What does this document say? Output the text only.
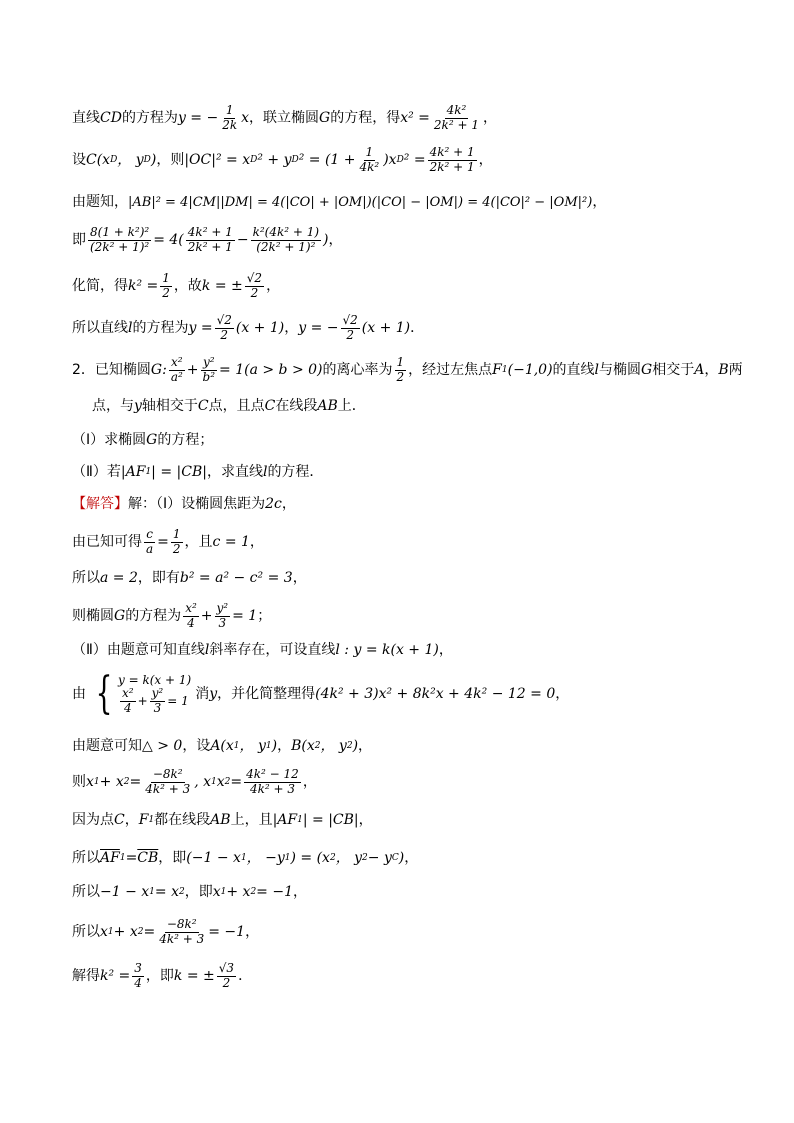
直线 CD 的方程为 y = − $\frac{1}{2k}$ x ，联立椭圆 G 的方程，得 $x^2 = \frac{\text{4k²}}{\text{2k² + 1}}$ ，
设 C(x D ， y D ) ，则 |OC|² = x D ² + y D $^2 = (1 + \frac{1}{\text{4k²}} )x$ D $^2 = \frac{\text{4k² + 1}}{\text{2k² + 1}}$ ，
由题知， |AB|² = 4|CM||DM| = 4(|CO| + |OM|)(|CO| − |OM|) = 4(|CO|² − |OM|²) ，
即 $\frac{\text{8(1 + k²)²}}{\text{(2k² + 1)²}} = 4( \frac{\text{4k² + 1}}{\text{2k² + 1}} - \frac{\text{k²(4k² + 1)}}{\text{(2k² + 1)²}}$ ) ，
化简，得 $k^2 = \frac{1}{2}$ ，故 k = ± $\frac{√2}{2}$ ，
所以直线 l 的方程为 $y = \frac{√2}{2} (x + 1)$ ， y = − $\frac{√2}{2} (x + 1)$ ．
2．已知椭圆 G: $\frac{\text{x²}}{\text{a²}} + \frac{\text{y²}}{\text{b²}} = 1(a > b > 0)$ 的离心率为 $\frac{1}{2}$ ，经过左焦点 F 1 (−1,0) 的直线 l 与椭圆 G 相交于 A ， B 两
点，与 y 轴相交于 C 点，且点 C 在线段 AB 上．
（Ⅰ）求椭圆 G 的方程；
（Ⅱ）若 |AF 1 | = |CB| ，求直线 l 的方程．
【解答】 解：（Ⅰ）设椭圆焦距为 2c ，
由已知可得 $\frac{c}{a} = \frac{1}{2}$ ，且 c = 1 ，
所以 a = 2 ，即有 b² = a² − c² = 3 ，
则椭圆 G 的方程为 $\frac{\text{x²}}{4} + \frac{\text{y²}}{3} = 1$ ；
（Ⅱ）由题意可知直线 l 斜率存在，可设直线 l : y = k(x + 1) ，
由 { y = k(x + 1)
$\frac{\text{x²}}{4} + \frac{\text{y²}}{3} = 1$ 消 y ，并化简整理得 (4k² + 3)x² + 8k²x + 4k² − 12 = 0 ，
由题意可知 △ > 0 ，设 A(x 1 ， y 1 ) ， B(x 2 ， y 2 ) ，
则 x 1 + x $2 = \frac{\text{−8k²}}{\text{4k² + 3}}$ , x 1 x $2 = \frac{\text{4k² − 12}}{\text{4k² + 3}}$ ，
因为点 C ， F 1 都在线段 AB 上，且 |AF 1 | = |CB| ，
所以 $\overline{AF}$ $1 = \overline{CB}$ ，即 (−1 − x 1 ， −y 1 ) = (x 2 ， y 2 − y C ) ，
所以 −1 − x 1 = x 2 ，即 x 1 + x 2 = −1 ，
所以 x 1 + x $2 = \frac{\text{−8k²}}{\text{4k² + 3}} = -1$ ，
解得 $k^2 = \frac{3}{4}$ ，即 k = ± $\frac{√3}{2}$ ．
